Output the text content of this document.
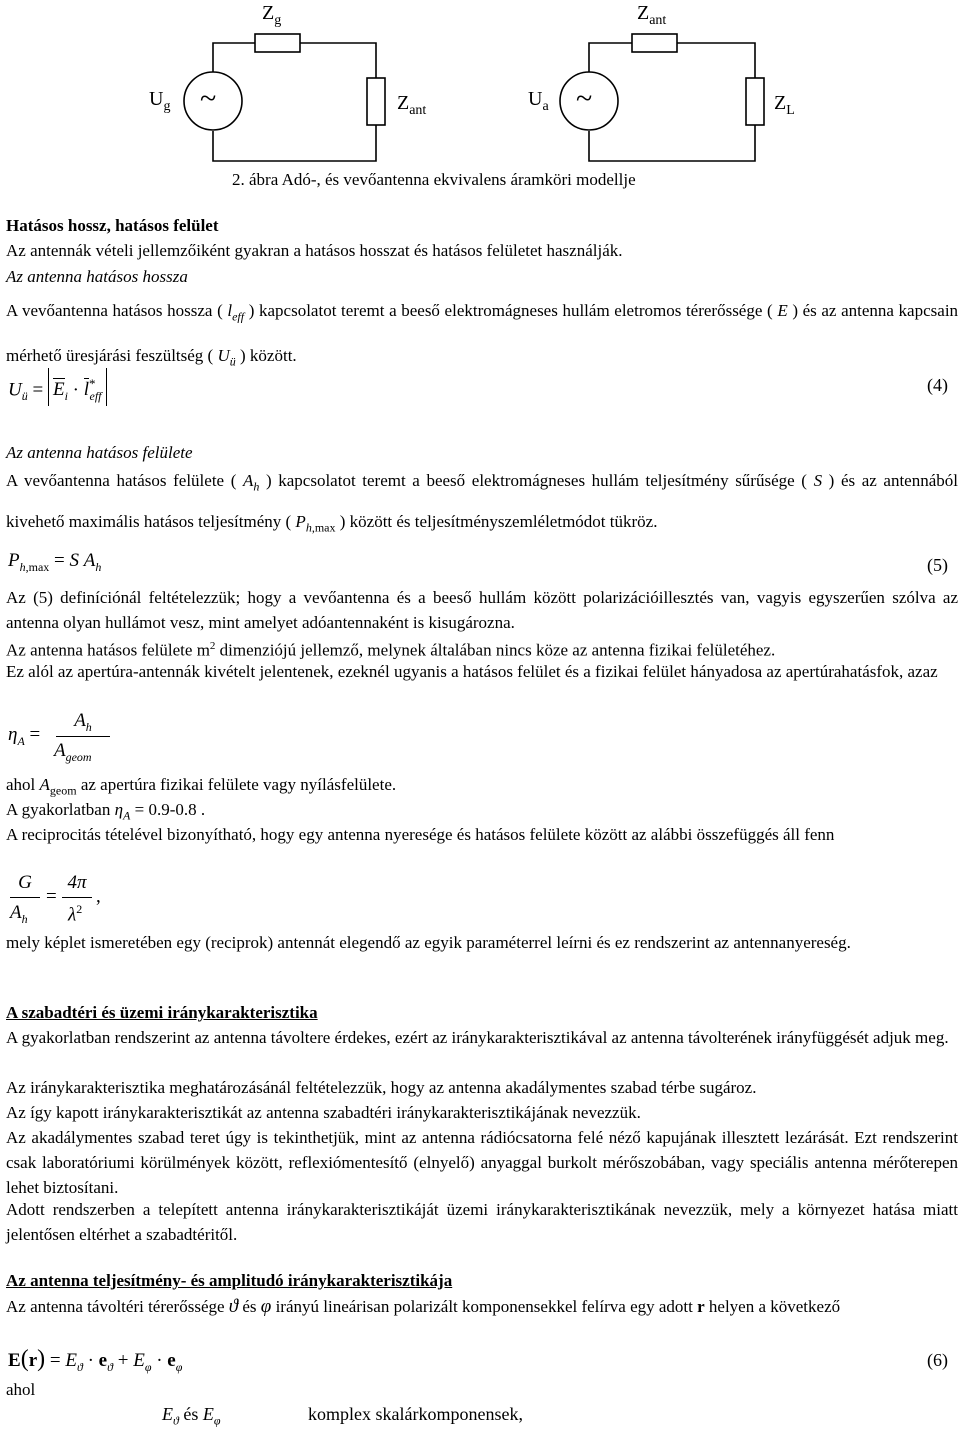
$Z_g$	$Z_{ant}$
$U_g$ ~	$Z_{ant}$
$U_a$ ~	$Z_L$
2. ábra Adó-, és vevőantenna ekvivalens áramköri modellje
Hatásos hossz, hatásos felület
Az antennák vételi jellemzőiként gyakran a hatásos hosszat és hatásos felületet használják.
Az antenna hatásos hossza
A vevőantenna hatásos hossza ( $l_{eff}$ ) kapcsolatot teremt a beeső elektromágneses hullám eletromos térerőssége ( E ) és az antenna kapcsain mérhető üresjárási feszültség ( $U_ü$ ) között.
$U_ü = E_i \cdot l^*_{eff}$
(4)
Az antenna hatásos felülete
A vevőantenna hatásos felülete ( $A_h$ ) kapcsolatot teremt a beeső elektromágneses hullám teljesítmény sűrűsége ( S ) és az antennából kivehető maximális hatásos teljesítmény ( $P_{h,max}$ ) között és teljesítményszemléletmódot tükröz.
$P_{h,max} = S$ $A_h$	(5)
Az (5) definíciónál feltételezzük; hogy a vevőantenna és a beeső hullám között polarizációillesztés van, vagyis egyszerűen szólva az antenna olyan hullámot vesz, mint amelyet adóantennaként is kisugározna.
Az antenna hatásos felülete $m^2$ dimenziójú jellemző, melynek általában nincs köze az antenna fizikai felületéhez.
Ez alól az apertúra-antennák kivételt jelentenek, ezeknél ugyanis a hatásos felület és a fizikai felület hányadosa az apertúrahatásfok, azaz
$\eta_A$ =
$A_h$
$A_{geom}$
ahol $A_{geom}$ az apertúra fizikai felülete vagy nyílásfelülete.
A gyakorlatban $\eta_A = 0.9-0.8$ .
A reciprocitás tételével bizonyítható, hogy egy antenna nyeresége és hatásos felülete között az alábbi összefüggés áll fenn
G
$A_h$
=
4π
$\lambda^2$
,
mely képlet ismeretében egy (reciprok) antennát elegendő az egyik paraméterrel leírni és ez rendszerint az antennanyereség.
A szabadtéri és üzemi iránykarakterisztika
A gyakorlatban rendszerint az antenna távoltere érdekes, ezért az iránykarakterisztikával az antenna távolterének irányfüggését adjuk meg.
Az iránykarakterisztika meghatározásánál feltételezzük, hogy az antenna akadálymentes szabad térbe sugároz.
Az így kapott iránykarakterisztikát az antenna szabadtéri iránykarakterisztikájának nevezzük.
Az akadálymentes szabad teret úgy is tekinthetjük, mint az antenna rádiócsatorna felé néző kapujának illesztett lezárását. Ezt rendszerint csak laboratóriumi körülmények között, reflexiómentesítő (elnyelő) anyaggal burkolt mérőszobában, vagy speciális antenna mérőterepen lehet biztosítani.
Adott rendszerben a telepített antenna iránykarakterisztikáját üzemi iránykarakterisztikának nevezzük, mely a környezet hatása miatt jelentősen eltérhet a szabadtéritől.
Az antenna teljesítmény- és amplitudó iránykarakterisztikája
Az antenna távoltéri térerőssége ϑ és φ irányú lineárisan polarizált komponensekkel felírva egy adott r helyen a következő
$E(r) = E_ϑ \cdot e_ϑ + E_\varphi \cdot e_\varphi$	(6)
ahol
$E_ϑ$ és $E_\varphi$	komplex skalárkomponensek,
